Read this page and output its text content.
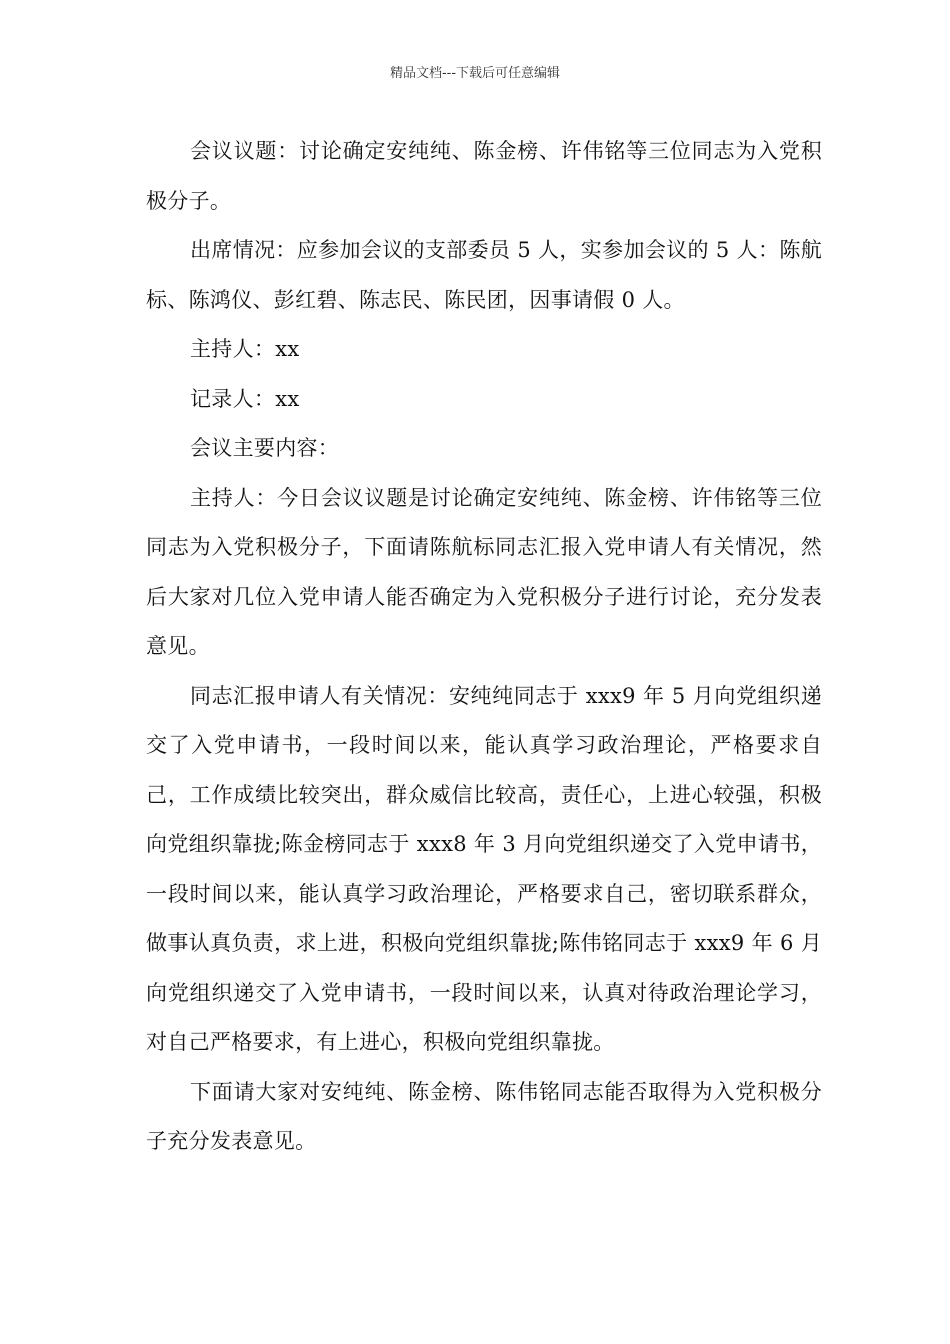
精品文档---下载后可任意编辑

会议议题：讨论确定安纯纯、陈金榜、许伟铭等三位同志为入党积极分子。

出席情况：应参加会议的支部委员 5 人，实参加会议的 5 人：陈航标、陈鸿仪、彭红碧、陈志民、陈民团，因事请假 0 人。

主持人：xx

记录人：xx

会议主要内容：

主持人：今日会议议题是讨论确定安纯纯、陈金榜、许伟铭等三位同志为入党积极分子，下面请陈航标同志汇报入党申请人有关情况，然后大家对几位入党申请人能否确定为入党积极分子进行讨论，充分发表意见。

同志汇报申请人有关情况：安纯纯同志于 xxx9 年 5 月向党组织递交了入党申请书，一段时间以来，能认真学习政治理论，严格要求自己，工作成绩比较突出，群众威信比较高，责任心，上进心较强，积极向党组织靠拢;陈金榜同志于 xxx8 年 3 月向党组织递交了入党申请书，一段时间以来，能认真学习政治理论，严格要求自己，密切联系群众，做事认真负责，求上进，积极向党组织靠拢;陈伟铭同志于 xxx9 年 6 月向党组织递交了入党申请书，一段时间以来，认真对待政治理论学习，对自己严格要求，有上进心，积极向党组织靠拢。

下面请大家对安纯纯、陈金榜、陈伟铭同志能否取得为入党积极分子充分发表意见。
